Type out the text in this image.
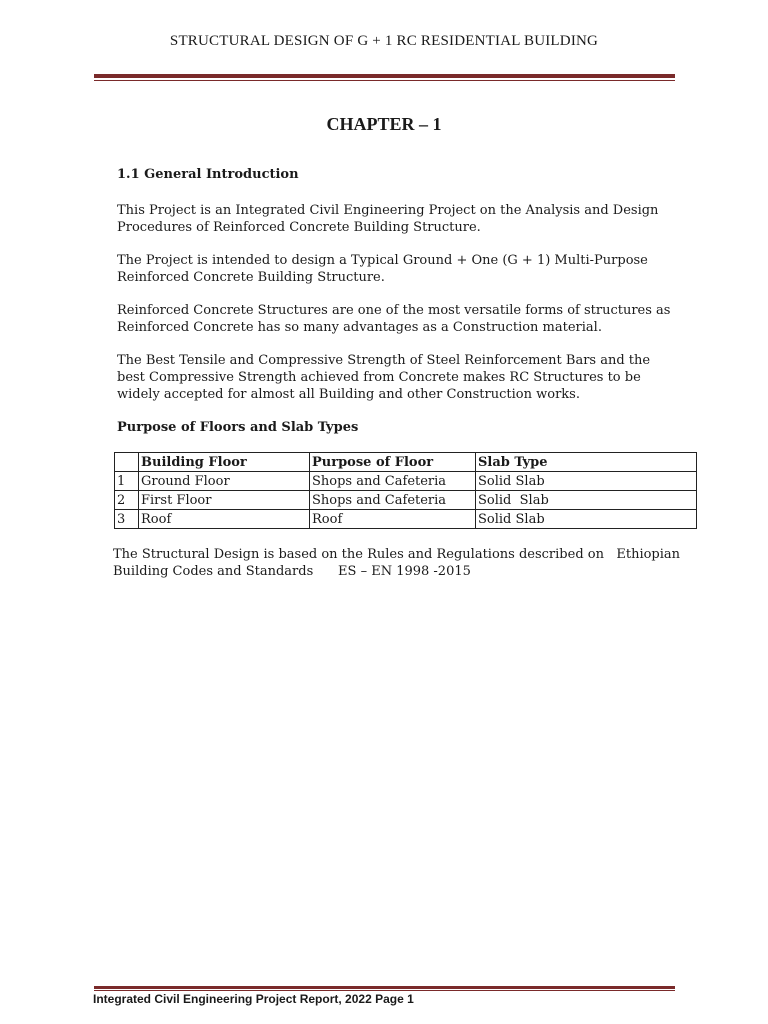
STRUCTURAL DESIGN OF G + 1 RC RESIDENTIAL BUILDING
CHAPTER – 1
1.1 General Introduction
This Project is an Integrated Civil Engineering Project on the Analysis and Design Procedures of Reinforced Concrete Building Structure.
The Project is intended to design a Typical Ground + One (G + 1) Multi-Purpose Reinforced Concrete Building Structure.
Reinforced Concrete Structures are one of the most versatile forms of structures as Reinforced Concrete has so many advantages as a Construction material.
The Best Tensile and Compressive Strength of Steel Reinforcement Bars and the best Compressive Strength achieved from Concrete makes RC Structures to be widely accepted for almost all Building and other Construction works.
Purpose of Floors and Slab Types
	Building Floor	Purpose of Floor	Slab Type
1	Ground Floor	Shops and Cafeteria	Solid Slab
2	First Floor	Shops and Cafeteria	Solid  Slab
3	Roof	Roof	Solid Slab
The Structural Design is based on the Rules and Regulations described on   Ethiopian
Building Codes and Standards      ES – EN 1998 -2015
Integrated Civil Engineering Project Report, 2022 Page 1
